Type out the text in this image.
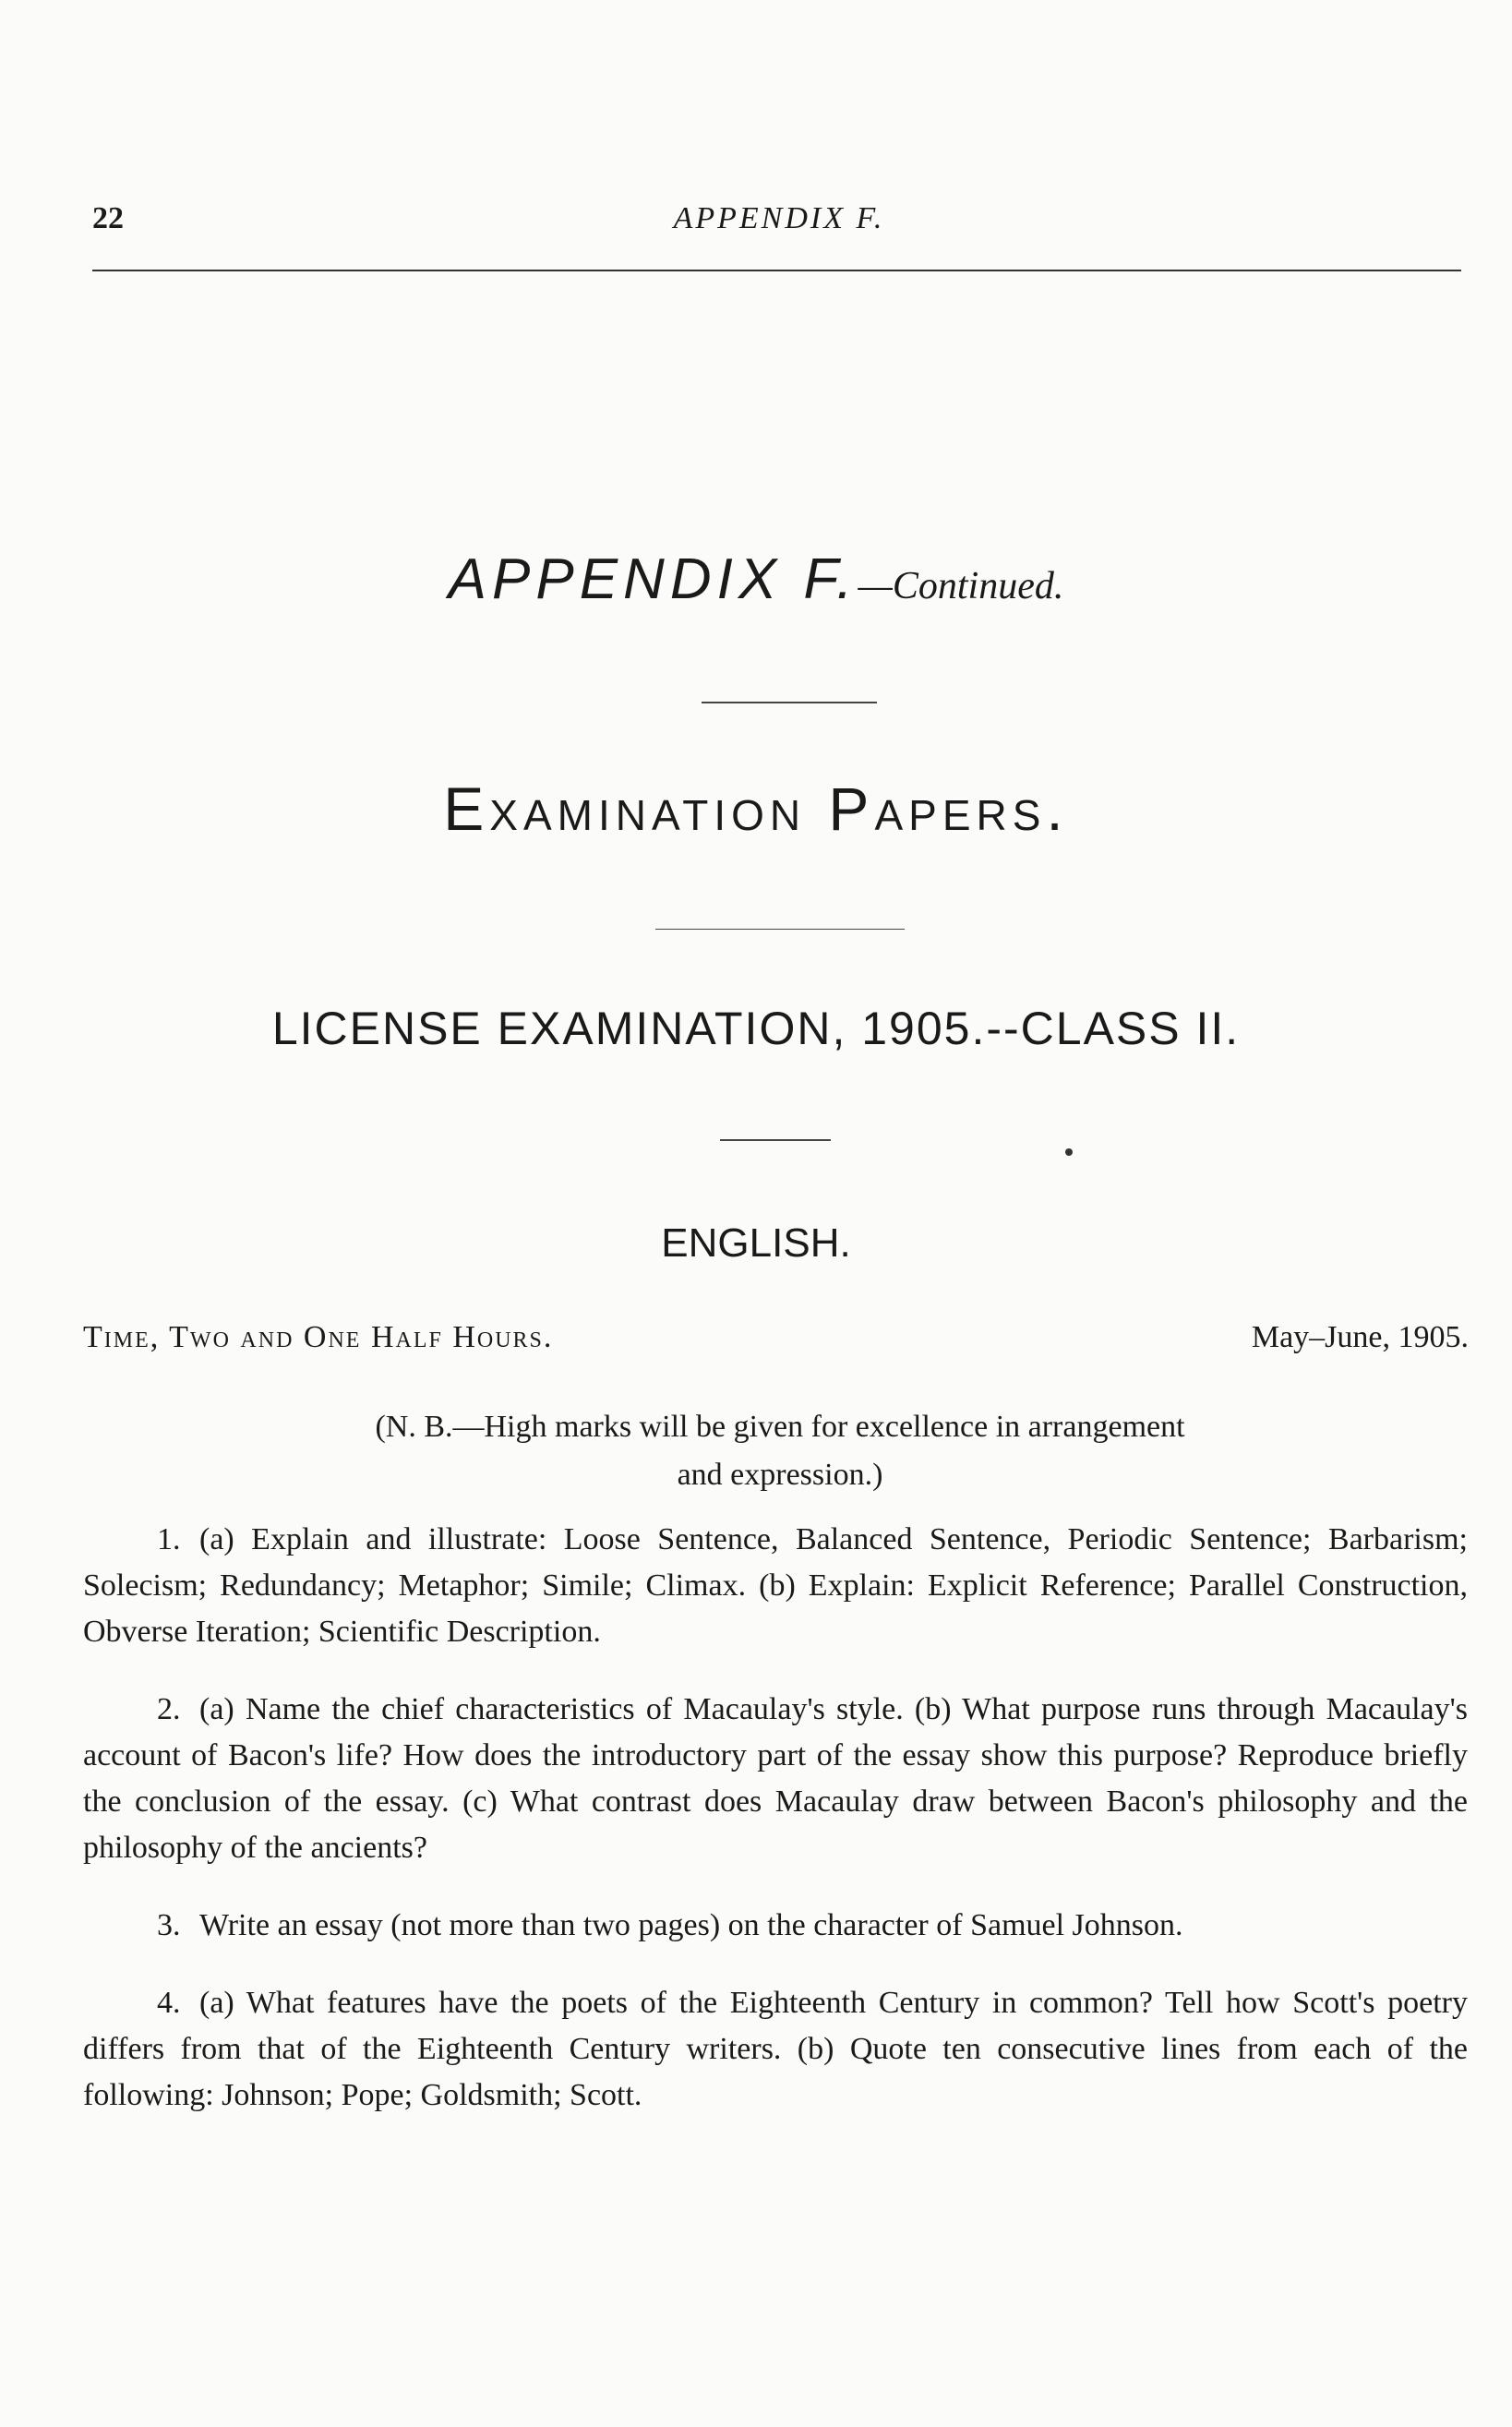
22	APPENDIX F.
APPENDIX F.—Continued.
Examination Papers.
LICENSE EXAMINATION, 1905.--CLASS II.
ENGLISH.
Time, Two and One Half Hours.	May–June, 1905.
(N. B.—High marks will be given for excellence in arrangement
and expression.)

1. (a) Explain and illustrate: Loose Sentence, Balanced Sentence, Periodic Sentence; Barbarism; Solecism; Redundancy; Metaphor; Simile; Climax. (b) Explain: Explicit Reference; Parallel Construction, Obverse Iteration; Scientific Description.

2. (a) Name the chief characteristics of Macaulay's style. (b) What purpose runs through Macaulay's account of Bacon's life? How does the introductory part of the essay show this purpose? Reproduce briefly the conclusion of the essay. (c) What contrast does Macaulay draw between Bacon's philosophy and the philosophy of the ancients?

3. Write an essay (not more than two pages) on the character of Samuel Johnson.

4. (a) What features have the poets of the Eighteenth Century in common? Tell how Scott's poetry differs from that of the Eighteenth Century writers. (b) Quote ten consecutive lines from each of the following: Johnson; Pope; Goldsmith; Scott.
